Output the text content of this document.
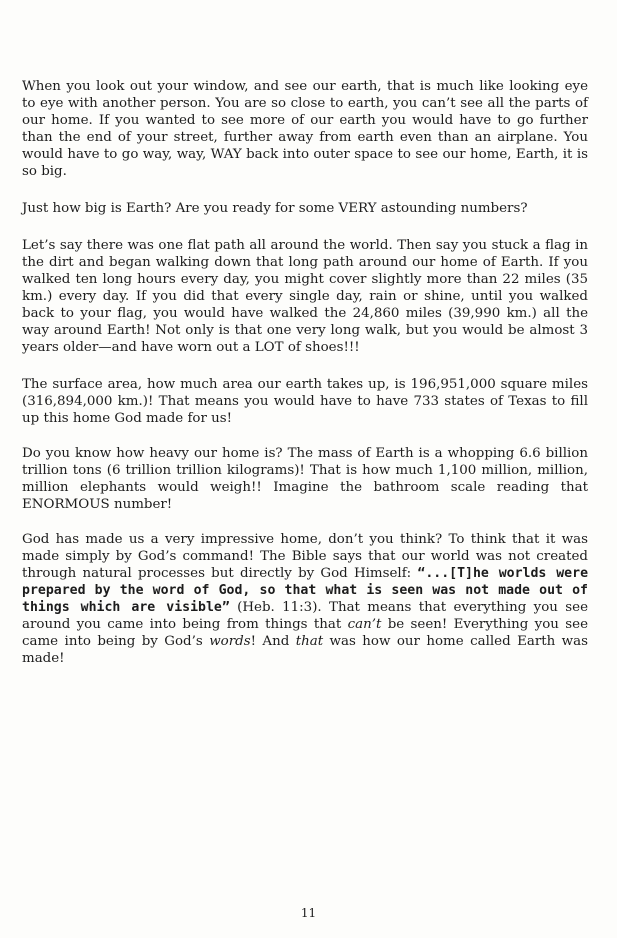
When you look out your window, and see our earth, that is much like looking eye to eye with another person. You are so close to earth, you can’t see all the parts of our home. If you wanted to see more of our earth you would have to go further than the end of your street, further away from earth even than an airplane. You would have to go way, way, WAY back into outer space to see our home, Earth, it is so big.

Just how big is Earth? Are you ready for some VERY astounding numbers?

Let’s say there was one flat path all around the world. Then say you stuck a flag in the dirt and began walking down that long path around our home of Earth. If you walked ten long hours every day, you might cover slightly more than 22 miles (35 km.) every day. If you did that every single day, rain or shine, until you walked back to your flag, you would have walked the 24,860 miles (39,990 km.) all the way around Earth! Not only is that one very long walk, but you would be almost 3 years older—and have worn out a LOT of shoes!!!

The surface area, how much area our earth takes up, is 196,951,000 square miles (316,894,000 km.)! That means you would have to have 733 states of Texas to fill up this home God made for us!

Do you know how heavy our home is? The mass of Earth is a whopping 6.6 billion trillion tons (6 trillion trillion kilograms)! That is how much 1,100 million, million, million elephants would weigh!! Imagine the bathroom scale reading that ENORMOUS number!

God has made us a very impressive home, don’t you think? To think that it was made simply by God’s command! The Bible says that our world was not created through natural processes but directly by God Himself: “...[T]he worlds were prepared by the word of God, so that what is seen was not made out of things which are visible” (Heb. 11:3). That means that everything you see around you came into being from things that can’t be seen! Everything you see came into being by God’s words! And that was how our home called Earth was made!

11
